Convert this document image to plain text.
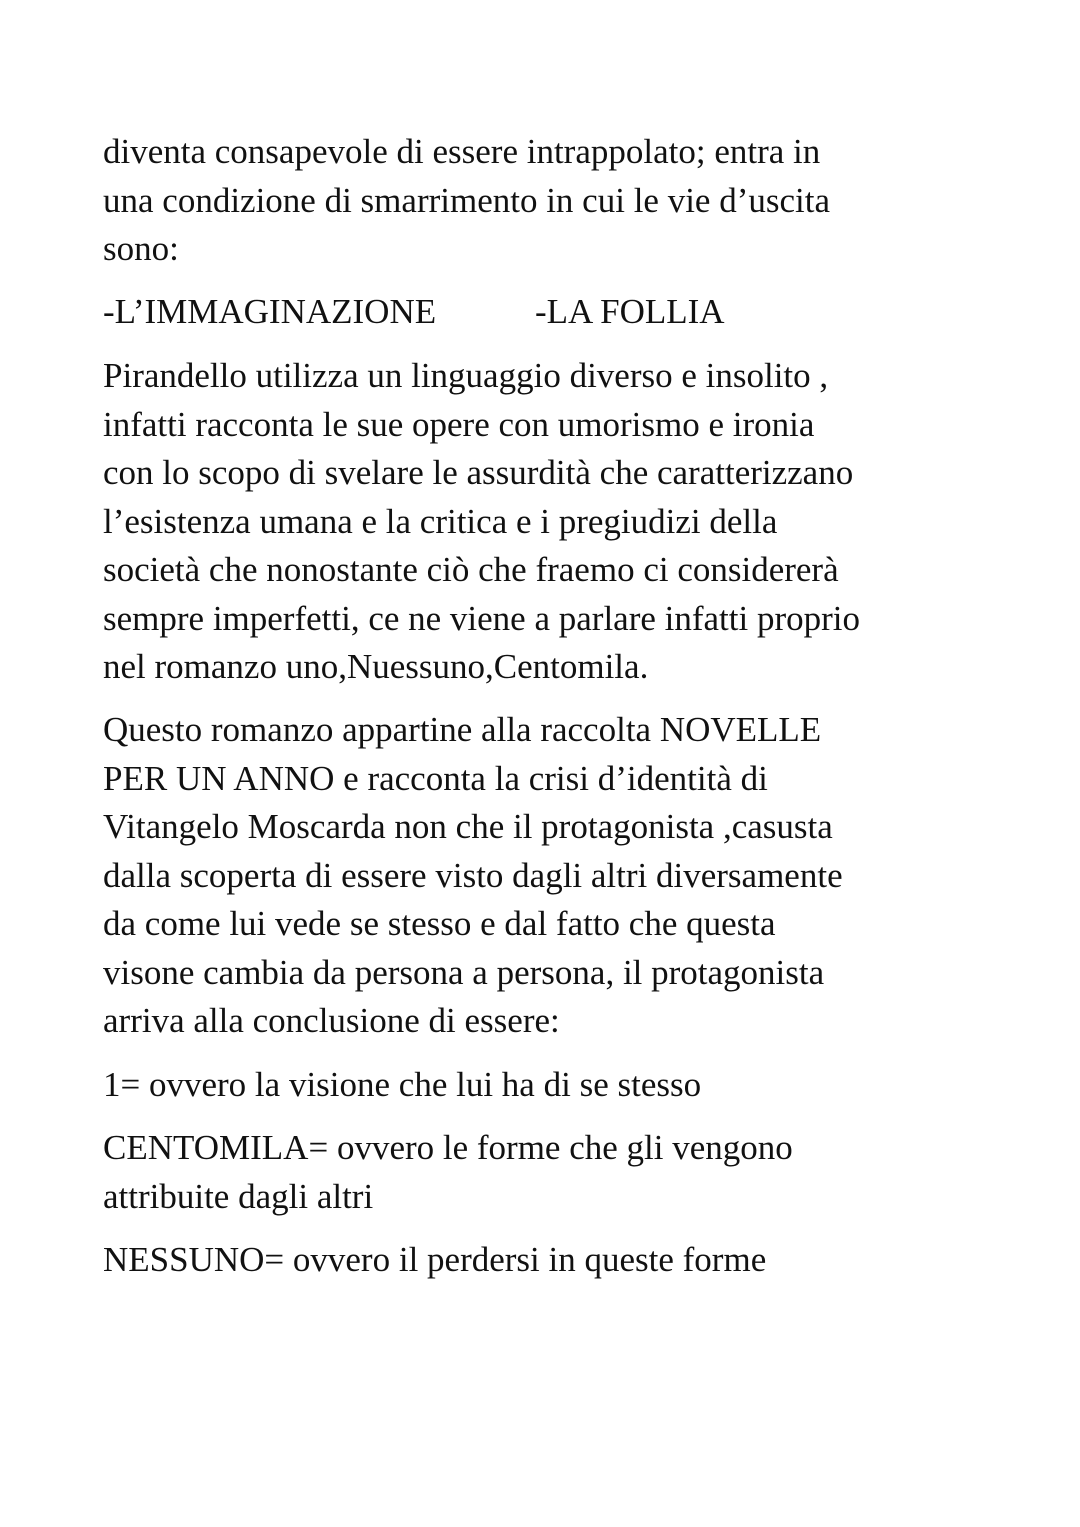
diventa consapevole di essere intrappolato; entra in
una condizione di smarrimento in cui le vie d’uscita
sono:
-L’IMMAGINAZIONE	-LA FOLLIA
Pirandello utilizza un linguaggio diverso e insolito ,
infatti racconta le sue opere con umorismo e ironia
con lo scopo di svelare le assurdità che caratterizzano
l’esistenza umana e la critica e i pregiudizi della
società che nonostante ciò che fraemo ci considererà
sempre imperfetti, ce ne viene a parlare infatti proprio
nel romanzo uno,Nuessuno,Centomila.
Questo romanzo appartine alla raccolta NOVELLE
PER UN ANNO e racconta la crisi d’identità di
Vitangelo Moscarda non che il protagonista ,casusta
dalla scoperta di essere visto dagli altri diversamente
da come lui vede se stesso e dal fatto che questa
visone cambia da persona a persona, il protagonista
arriva alla conclusione di essere:
1= ovvero la visione che lui ha di se stesso
CENTOMILA= ovvero le forme che gli vengono
attribuite dagli altri
NESSUNO= ovvero il perdersi in queste forme
